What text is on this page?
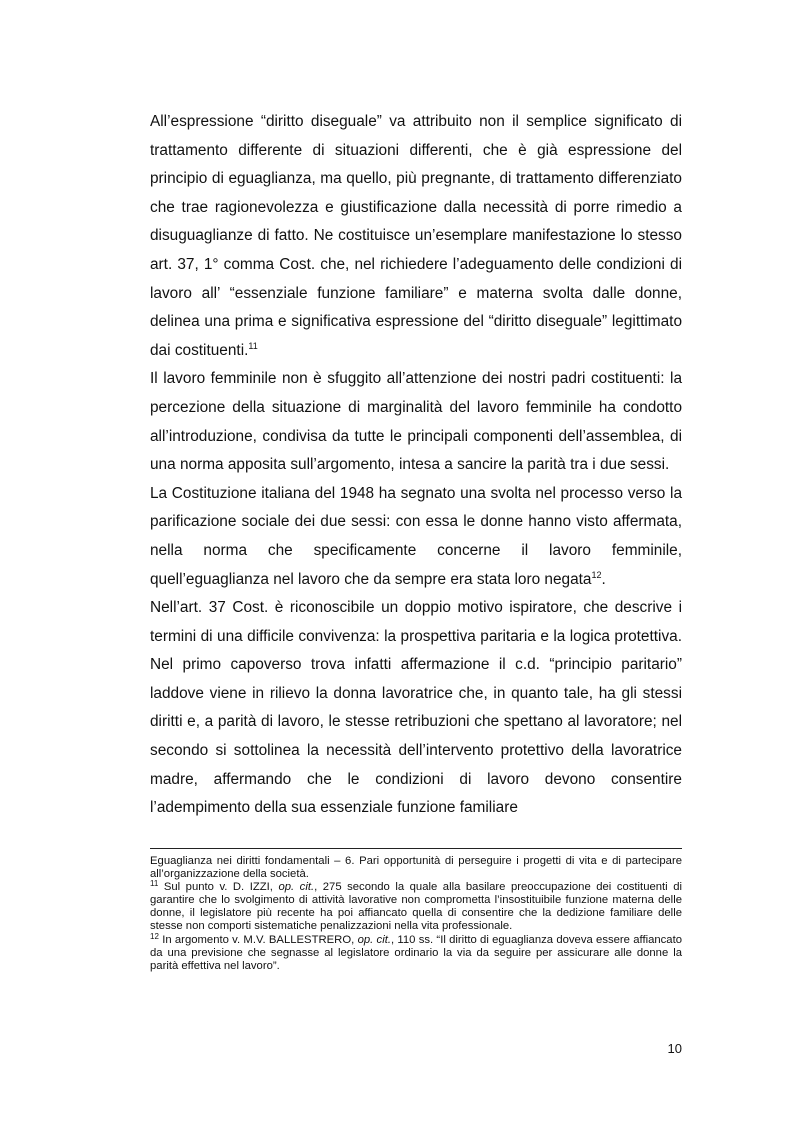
All’espressione “diritto diseguale” va attribuito non il semplice significato di trattamento differente di situazioni differenti, che è già espressione del principio di eguaglianza, ma quello, più pregnante, di trattamento differenziato che trae ragionevolezza e giustificazione dalla necessità di porre rimedio a disuguaglianze di fatto. Ne costituisce un’esemplare manifestazione lo stesso art. 37, 1° comma Cost. che, nel richiedere l’adeguamento delle condizioni di lavoro all’ “essenziale funzione familiare” e materna svolta dalle donne, delinea una prima e significativa espressione del “diritto diseguale” legittimato dai costituenti.$^{11}$

Il lavoro femminile non è sfuggito all’attenzione dei nostri padri costituenti: la percezione della situazione di marginalità del lavoro femminile ha condotto all’introduzione, condivisa da tutte le principali componenti dell’assemblea, di una norma apposita sull’argomento, intesa a sancire la parità tra i due sessi.

La Costituzione italiana del 1948 ha segnato una svolta nel processo verso la parificazione sociale dei due sessi: con essa le donne hanno visto affermata, nella norma che specificamente concerne il lavoro femminile, quell’eguaglianza nel lavoro che da sempre era stata loro negata$^{12}$.

Nell’art. 37 Cost. è riconoscibile un doppio motivo ispiratore, che descrive i termini di una difficile convivenza: la prospettiva paritaria e la logica protettiva. Nel primo capoverso trova infatti affermazione il c.d. “principio paritario” laddove viene in rilievo la donna lavoratrice che, in quanto tale, ha gli stessi diritti e, a parità di lavoro, le stesse retribuzioni che spettano al lavoratore; nel secondo si sottolinea la necessità dell’intervento protettivo della lavoratrice madre, affermando che le condizioni di lavoro devono consentire l’adempimento della sua essenziale funzione familiare

Eguaglianza nei diritti fondamentali – 6. Pari opportunità di perseguire i progetti di vita e di partecipare all’organizzazione della società.

$^{11}$ Sul punto v. D. IZZI, op. cit., 275 secondo la quale alla basilare preoccupazione dei costituenti di garantire che lo svolgimento di attività lavorative non comprometta l’insostituibile funzione materna delle donne, il legislatore più recente ha poi affiancato quella di consentire che la dedizione familiare delle stesse non comporti sistematiche penalizzazioni nella vita professionale.

$^{12}$ In argomento v. M.V. BALLESTRERO, op. cit., 110 ss. “Il diritto di eguaglianza doveva essere affiancato da una previsione che segnasse al legislatore ordinario la via da seguire per assicurare alle donne la parità effettiva nel lavoro”.

10
